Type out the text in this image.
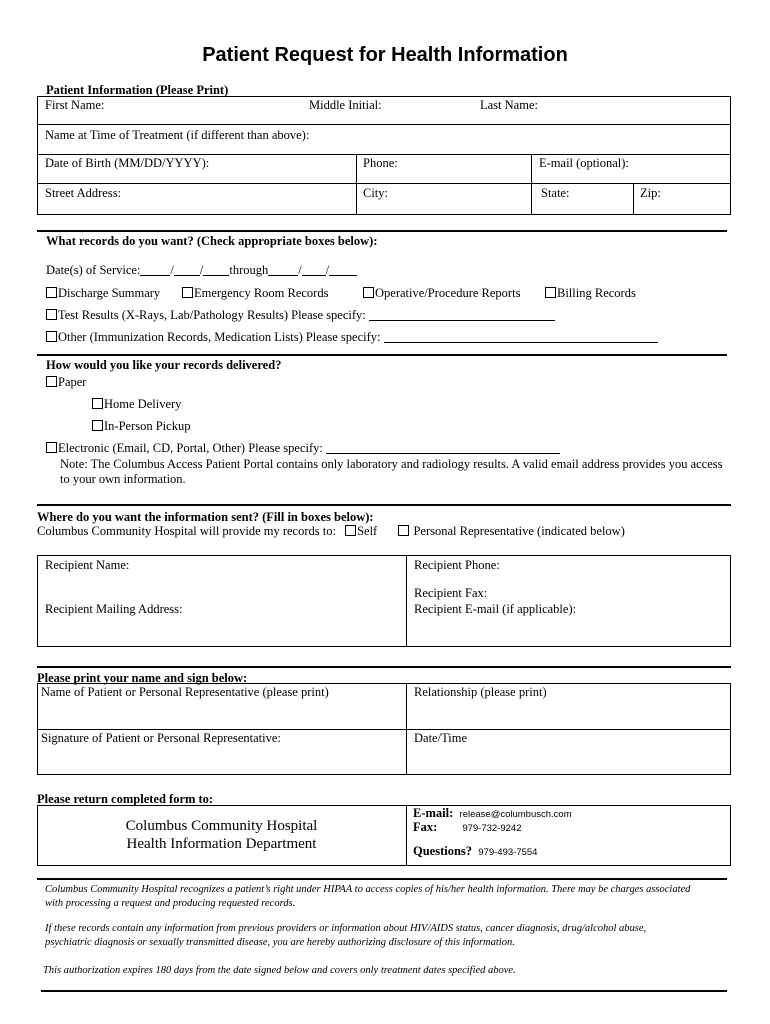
Patient Request for Health Information
Patient Information (Please Print)
First Name:	Middle Initial:	Last Name:
Name at Time of Treatment (if different than above):
Date of Birth (MM/DD/YYYY):	Phone:	E-mail (optional):
Street Address:	City:	State:	Zip:
What records do you want? (Check appropriate boxes below):
Date(s) of Service: / / through / /
Discharge Summary	Emergency Room Records	Operative/Procedure Reports	Billing Records
Test Results (X-Rays, Lab/Pathology Results) Please specify:
Other (Immunization Records, Medication Lists) Please specify:
How would you like your records delivered?
Paper
Home Delivery
In-Person Pickup
Electronic (Email, CD, Portal, Other) Please specify:
Note: The Columbus Access Patient Portal contains only laboratory and radiology results. A valid email address provides you access
to your own information.
Where do you want the information sent? (Fill in boxes below):
Columbus Community Hospital will provide my records to: Self	Personal Representative (indicated below)
Recipient Name:	Recipient Phone:
Recipient Fax:
Recipient Mailing Address:	Recipient E-mail (if applicable):
Please print your name and sign below:
Name of Patient or Personal Representative (please print)	Relationship (please print)
Signature of Patient or Personal Representative:	Date/Time
Please return completed form to:
Columbus Community Hospital
Health Information Department
E-mail: release@columbusch.com
Fax:	979-732-9242
Questions? 979-493-7554
Columbus Community Hospital recognizes a patient’s right under HIPAA to access copies of his/her health information. There may be charges associated
with processing a request and producing requested records.
If these records contain any information from previous providers or information about HIV/AIDS status, cancer diagnosis, drug/alcohol abuse,
psychiatric diagnosis or sexually transmitted disease, you are hereby authorizing disclosure of this information.
This authorization expires 180 days from the date signed below and covers only treatment dates specified above.
